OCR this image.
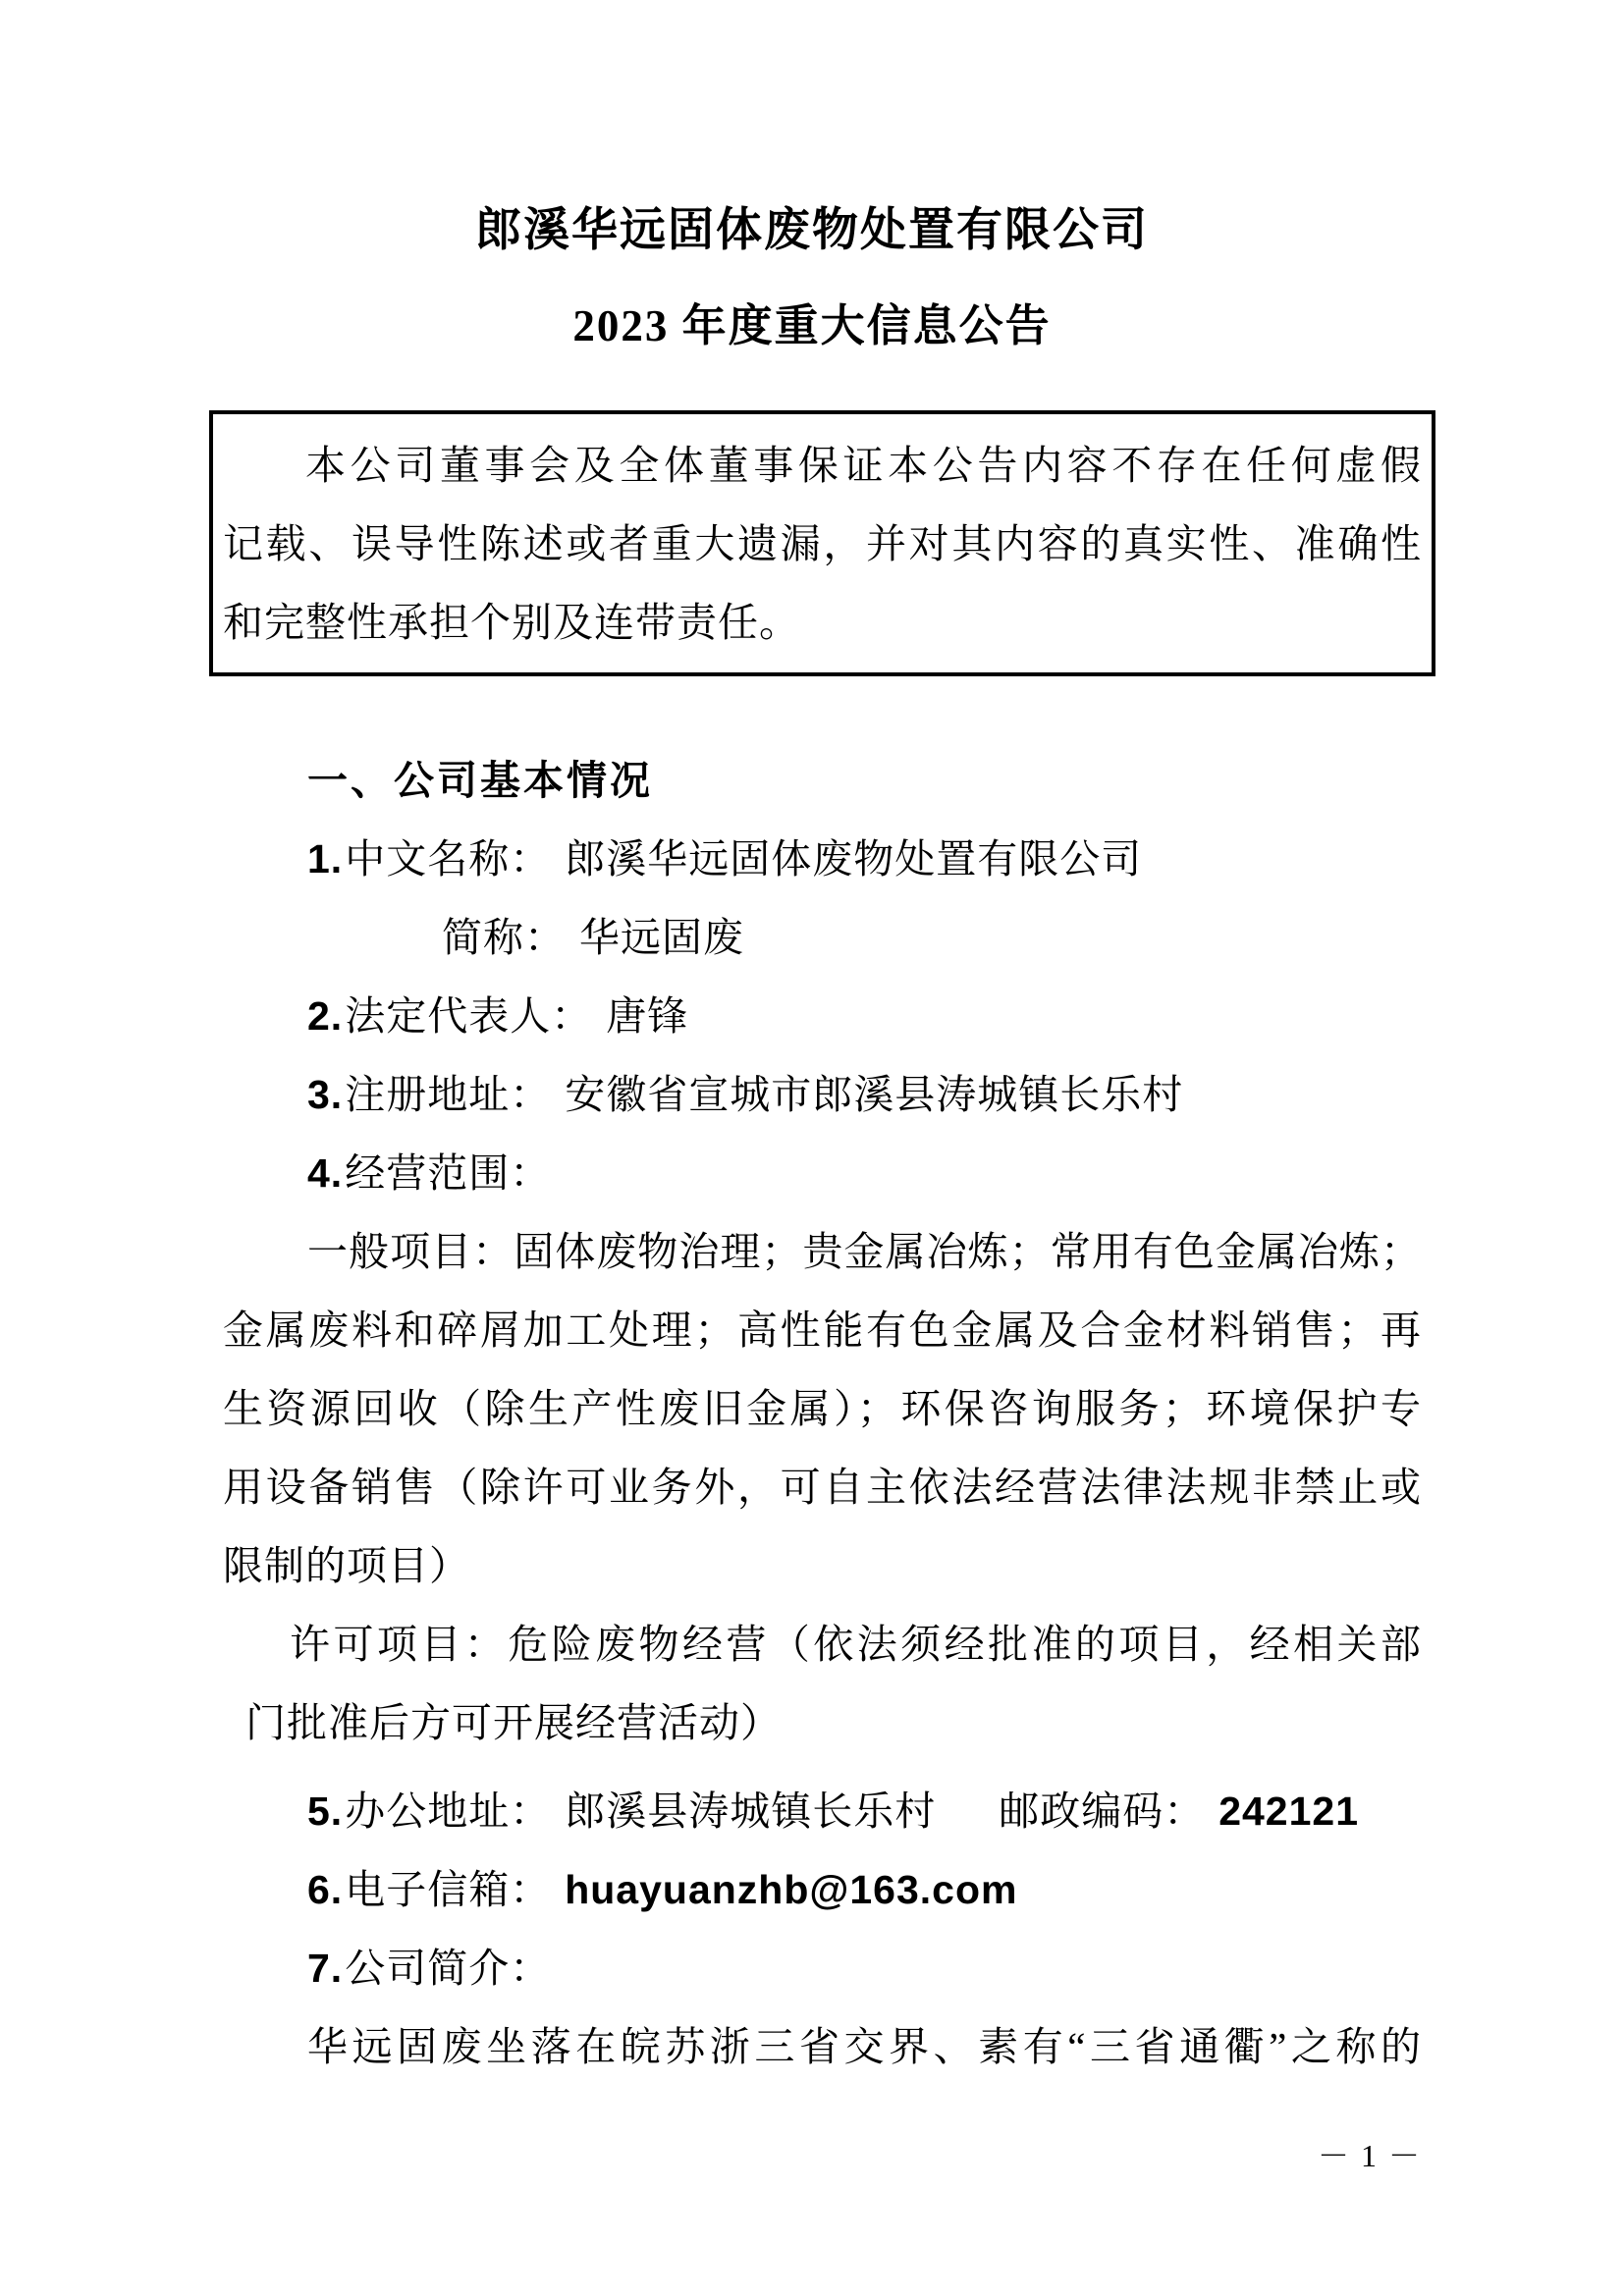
郎溪华远固体废物处置有限公司
2023 年度重大信息公告
本公司董事会及全体董事保证本公告内容不存在任何虚假
记载、误导性陈述或者重大遗漏，并对其内容的真实性、准确性
和完整性承担个别及连带责任。
一、公司基本情况
1.中文名称： 郎溪华远固体废物处置有限公司
简称： 华远固废
2.法定代表人： 唐锋
3.注册地址： 安徽省宣城市郎溪县涛城镇长乐村
4.经营范围：
一般项目：固体废物治理；贵金属冶炼；常用有色金属冶炼；
金属废料和碎屑加工处理；高性能有色金属及合金材料销售；再
生资源回收（除生产性废旧金属）；环保咨询服务；环境保护专
用设备销售（除许可业务外，可自主依法经营法律法规非禁止或
限制的项目）
许可项目：危险废物经营（依法须经批准的项目，经相关部
门批准后方可开展经营活动）
5.办公地址： 郎溪县涛城镇长乐村 邮政编码： 242121
6.电子信箱： huayuanzhb@163.com
7.公司简介：
华远固废坐落在皖苏浙三省交界、素有“三省通衢”之称的
－ 1 －
